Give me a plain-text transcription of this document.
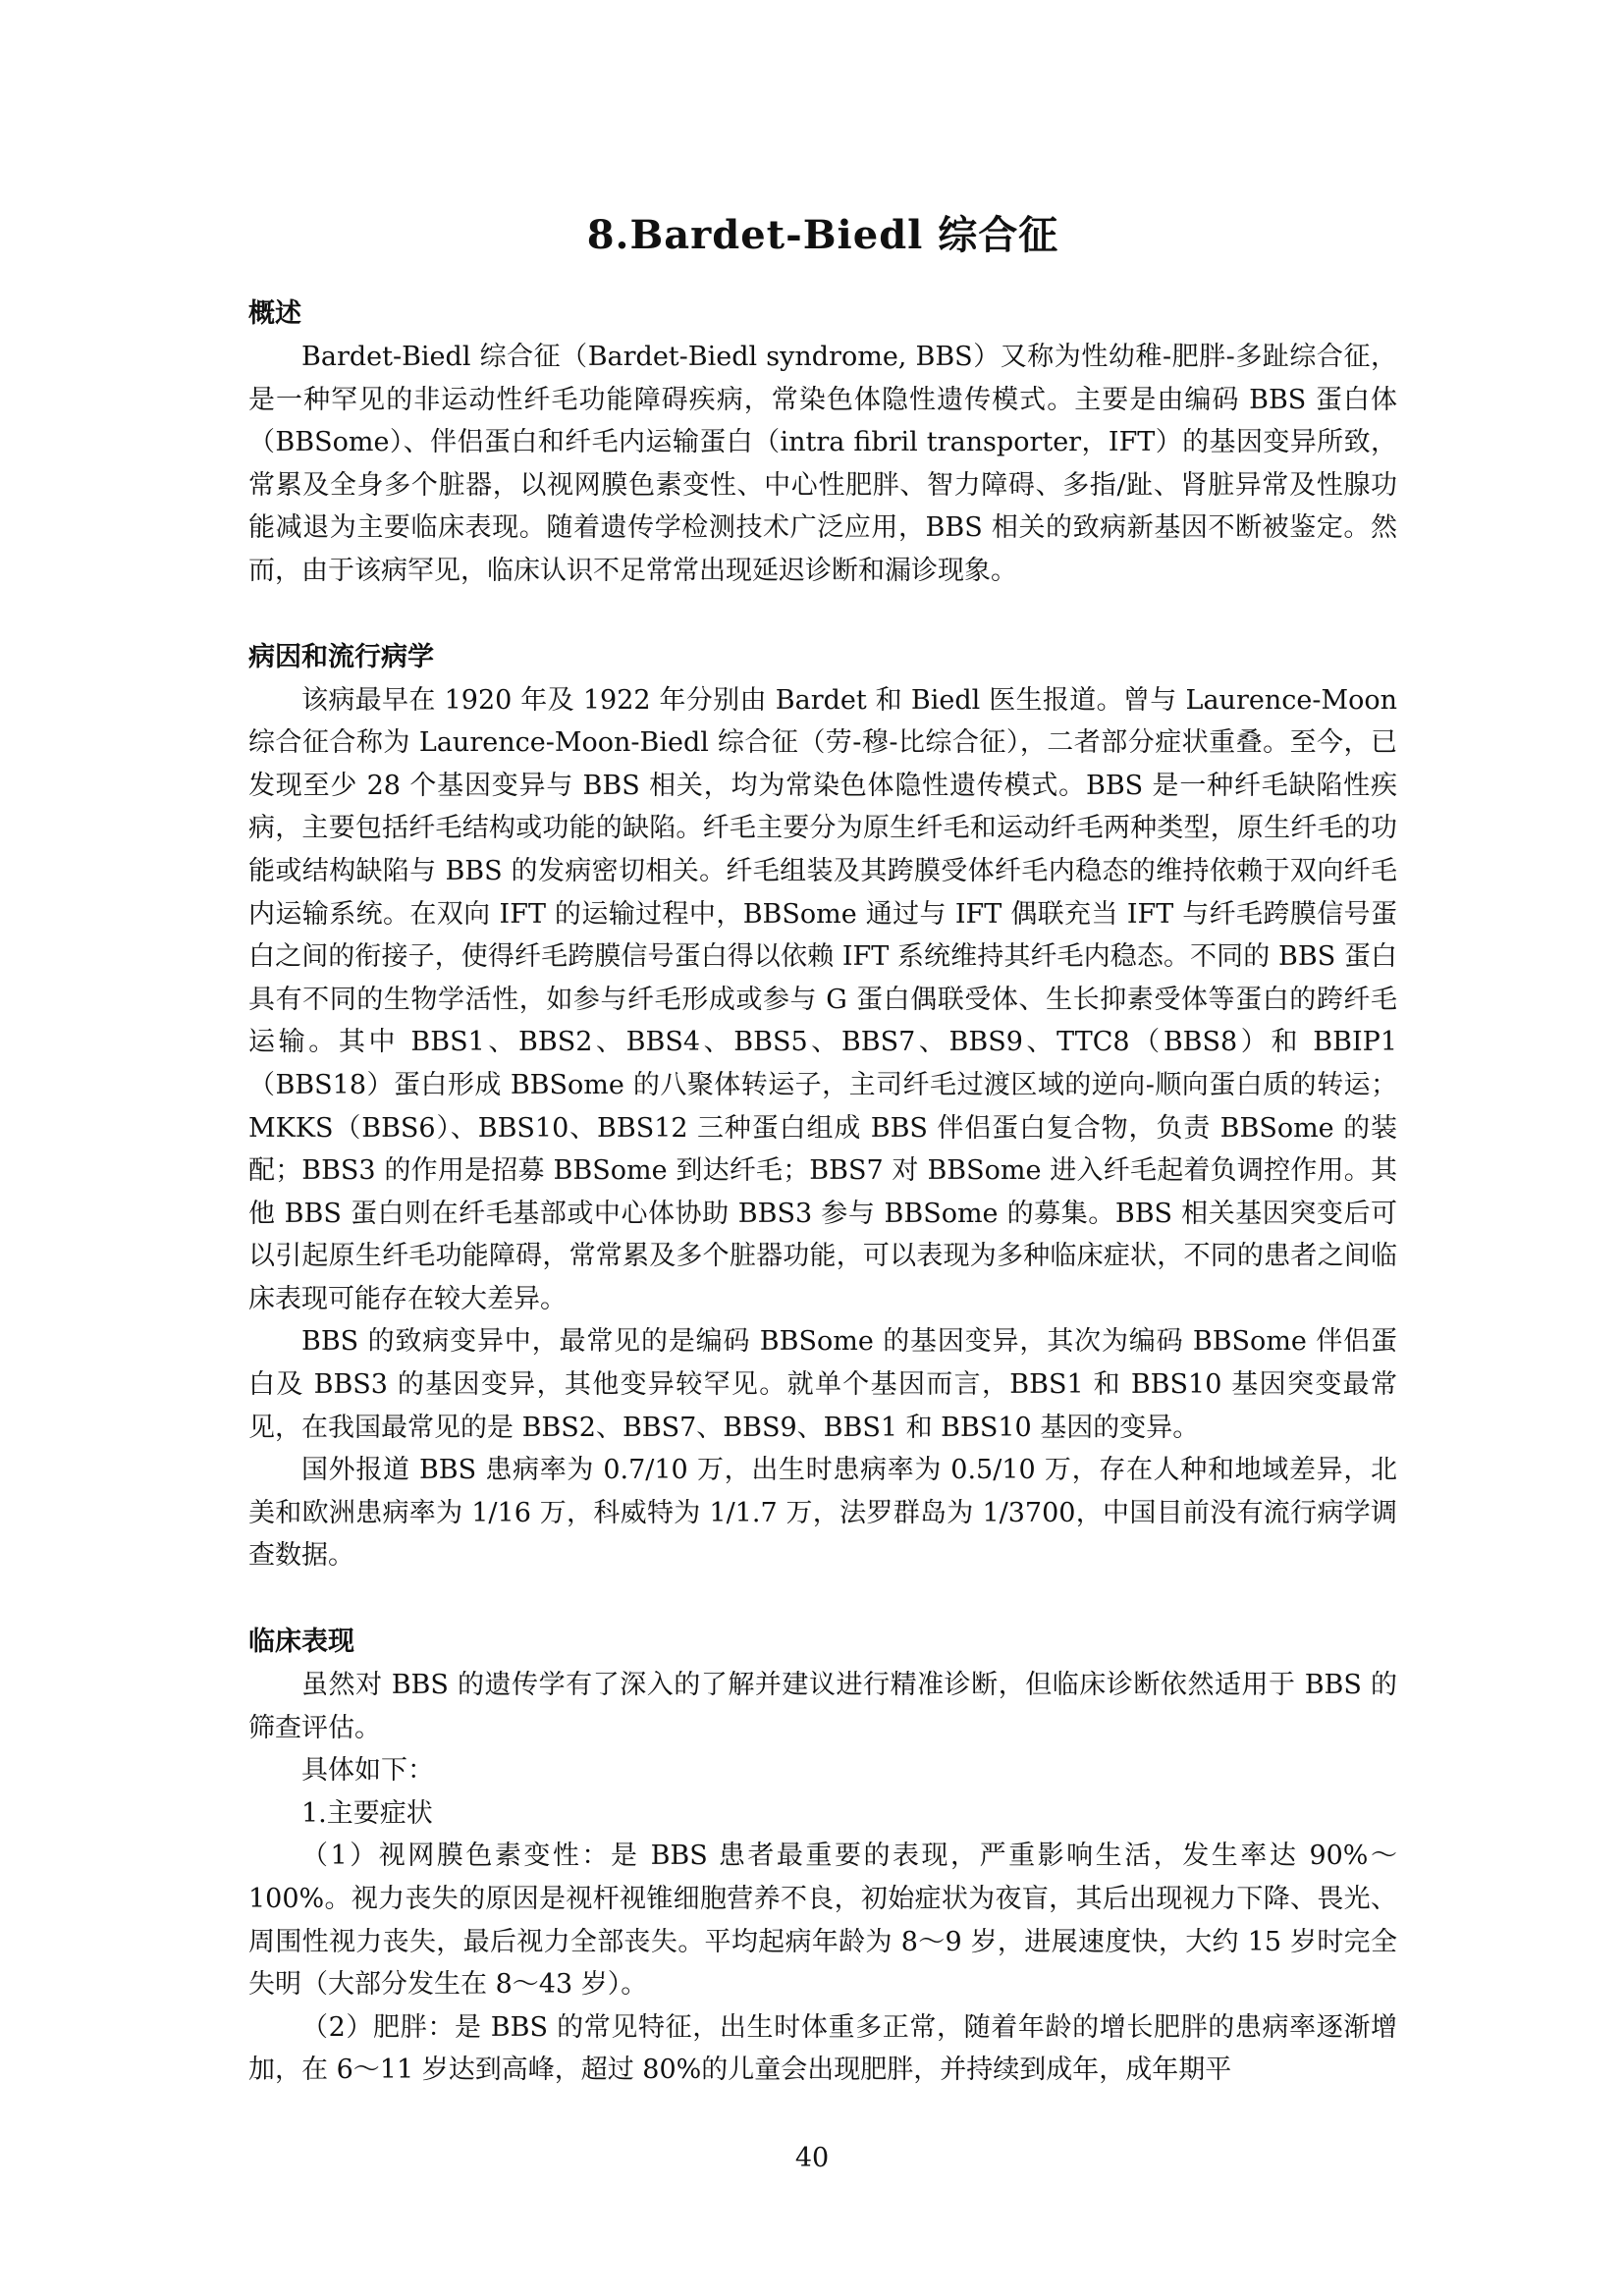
8.Bardet-Biedl 综合征
概述

Bardet-Biedl 综合征（Bardet-Biedl syndrome, BBS）又称为性幼稚-肥胖-多趾综合征，是一种罕见的非运动性纤毛功能障碍疾病，常染色体隐性遗传模式。主要是由编码 BBS 蛋白体（BBSome）、伴侣蛋白和纤毛内运输蛋白（intra fibril transporter，IFT）的基因变异所致，常累及全身多个脏器，以视网膜色素变性、中心性肥胖、智力障碍、多指/趾、肾脏异常及性腺功能减退为主要临床表现。随着遗传学检测技术广泛应用，BBS 相关的致病新基因不断被鉴定。然而，由于该病罕见，临床认识不足常常出现延迟诊断和漏诊现象。

病因和流行病学

该病最早在 1920 年及 1922 年分别由 Bardet 和 Biedl 医生报道。曾与 Laurence-Moon 综合征合称为 Laurence-Moon-Biedl 综合征（劳-穆-比综合征），二者部分症状重叠。至今，已发现至少 28 个基因变异与 BBS 相关，均为常染色体隐性遗传模式。BBS 是一种纤毛缺陷性疾病，主要包括纤毛结构或功能的缺陷。纤毛主要分为原生纤毛和运动纤毛两种类型，原生纤毛的功能或结构缺陷与 BBS 的发病密切相关。纤毛组装及其跨膜受体纤毛内稳态的维持依赖于双向纤毛内运输系统。在双向 IFT 的运输过程中，BBSome 通过与 IFT 偶联充当 IFT 与纤毛跨膜信号蛋白之间的衔接子，使得纤毛跨膜信号蛋白得以依赖 IFT 系统维持其纤毛内稳态。不同的 BBS 蛋白具有不同的生物学活性，如参与纤毛形成或参与 G 蛋白偶联受体、生长抑素受体等蛋白的跨纤毛运输。其中 BBS1、BBS2、BBS4、BBS5、BBS7、BBS9、TTC8（BBS8）和 BBIP1（BBS18）蛋白形成 BBSome 的八聚体转运子，主司纤毛过渡区域的逆向-顺向蛋白质的转运；MKKS（BBS6）、BBS10、BBS12 三种蛋白组成 BBS 伴侣蛋白复合物，负责 BBSome 的装配；BBS3 的作用是招募 BBSome 到达纤毛；BBS7 对 BBSome 进入纤毛起着负调控作用。其他 BBS 蛋白则在纤毛基部或中心体协助 BBS3 参与 BBSome 的募集。BBS 相关基因突变后可以引起原生纤毛功能障碍，常常累及多个脏器功能，可以表现为多种临床症状，不同的患者之间临床表现可能存在较大差异。

BBS 的致病变异中，最常见的是编码 BBSome 的基因变异，其次为编码 BBSome 伴侣蛋白及 BBS3 的基因变异，其他变异较罕见。就单个基因而言，BBS1 和 BBS10 基因突变最常见，在我国最常见的是 BBS2、BBS7、BBS9、BBS1 和 BBS10 基因的变异。

国外报道 BBS 患病率为 0.7/10 万，出生时患病率为 0.5/10 万，存在人种和地域差异，北美和欧洲患病率为 1/16 万，科威特为 1/1.7 万，法罗群岛为 1/3700，中国目前没有流行病学调查数据。

临床表现

虽然对 BBS 的遗传学有了深入的了解并建议进行精准诊断，但临床诊断依然适用于 BBS 的筛查评估。

具体如下：

1.主要症状

（1）视网膜色素变性：是 BBS 患者最重要的表现，严重影响生活，发生率达 90%～100%。视力丧失的原因是视杆视锥细胞营养不良，初始症状为夜盲，其后出现视力下降、畏光、周围性视力丧失，最后视力全部丧失。平均起病年龄为 8～9 岁，进展速度快，大约 15 岁时完全失明（大部分发生在 8～43 岁）。

（2）肥胖：是 BBS 的常见特征，出生时体重多正常，随着年龄的增长肥胖的患病率逐渐增加，在 6～11 岁达到高峰，超过 80%的儿童会出现肥胖，并持续到成年，成年期平

40
